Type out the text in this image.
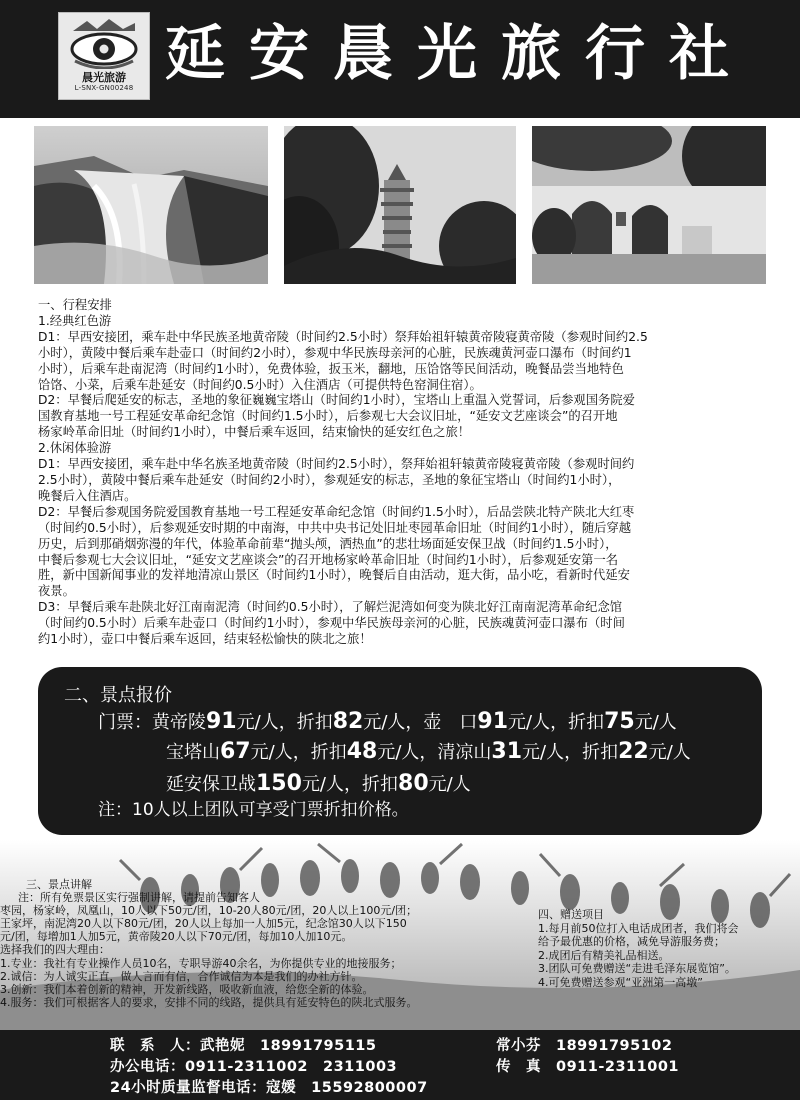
晨光旅游
L-SNX-GN00248 延安晨光旅行社

一、行程安排

1.经典红色游

D1：早西安接团，乘车赴中华民族圣地黄帝陵（时间约2.5小时）祭拜始祖轩辕黄帝陵寝黄帝陵（参观时间约2.5

小时），黄陵中餐后乘车赴壶口（时间约2小时），参观中华民族母亲河的心脏，民族魂黄河壶口瀑布（时间约1

小时），后乘车赴南泥湾（时间约1小时），免费体验，扳玉米，翻地，压饸饹等民间活动，晚餐品尝当地特色

饸饹、小菜，后乘车赴延安（时间约0.5小时）入住酒店（可提供特色窑洞住宿）。

D2：早餐后爬延安的标志，圣地的象征巍巍宝塔山（时间约1小时），宝塔山上重温入党誓词，后参观国务院爱

国教育基地一号工程延安革命纪念馆（时间约1.5小时），后参观七大会议旧址，“延安文艺座谈会”的召开地

杨家岭革命旧址（时间约1小时），中餐后乘车返回，结束愉快的延安红色之旅！

2.休闲体验游

D1：早西安接团，乘车赴中华名族圣地黄帝陵（时间约2.5小时），祭拜始祖轩辕黄帝陵寝黄帝陵（参观时间约

2.5小时），黄陵中餐后乘车赴延安（时间约2小时），参观延安的标志，圣地的象征宝塔山（时间约1小时），

晚餐后入住酒店。

D2：早餐后参观国务院爱国教育基地一号工程延安革命纪念馆（时间约1.5小时），后品尝陕北特产陕北大红枣

（时间约0.5小时），后参观延安时期的中南海，中共中央书记处旧址枣园革命旧址（时间约1小时），随后穿越

历史，后到那硝烟弥漫的年代，体验革命前辈“抛头颅，洒热血”的悲壮场面延安保卫战（时间约1.5小时），

中餐后参观七大会议旧址，“延安文艺座谈会”的召开地杨家岭革命旧址（时间约1小时），后参观延安第一名

胜，新中国新闻事业的发祥地清凉山景区（时间约1小时），晚餐后自由活动，逛大街，品小吃，看新时代延安

夜景。

D3：早餐后乘车赴陕北好江南南泥湾（时间约0.5小时），了解烂泥湾如何变为陕北好江南南泥湾革命纪念馆

（时间约0.5小时）后乘车赴壶口（时间约1小时），参观中华民族母亲河的心脏，民族魂黄河壶口瀑布（时间

约1小时），壶口中餐后乘车返回，结束轻松愉快的陕北之旅！

二、景点报价
门票：黄帝陵91元/人，折扣82元/人，壶　口91元/人，折扣75元/人
宝塔山67元/人，折扣48元/人，清凉山31元/人，折扣22元/人
延安保卫战150元/人，折扣80元/人
注：10人以上团队可享受门票折扣价格。

三、景点讲解

注：所有免票景区实行强制讲解，请提前告知客人

枣园，杨家岭，凤凰山，10人以下50元/团，10-20人80元/团，20人以上100元/团；

王家坪，南泥湾20人以下80元/团，20人以上每加一人加5元，纪念馆30人以下150

元/团，每增加1人加5元，黄帝陵20人以下70元/团，每加10人加10元。

选择我们的四大理由：

1.专业：我社有专业操作人员10名，专职导游40余名，为你提供专业的地接服务；

2.诚信：为人诚实正直，做人言而有信，合作诚信为本是我们的办社方针。

3.创新：我们本着创新的精神，开发新线路，吸收新血液，给您全新的体验。

4.服务：我们可根据客人的要求，安排不同的线路，提供具有延安特色的陕北式服务。

四、赠送项目

1.每月前50位打入电话成团者，我们将会

给予最优惠的价格，减免导游服务费；

2.成团后有精美礼品相送。

3.团队可免费赠送“走进毛泽东展览馆”。

4.可免费赠送参观“亚洲第一高墩”

联　系　人：武艳妮　18991795115	常小芬　18991795102
办公电话：0911-2311002　2311003	传　真　0911-2311001
24小时质量监督电话：寇媛　15592800007
